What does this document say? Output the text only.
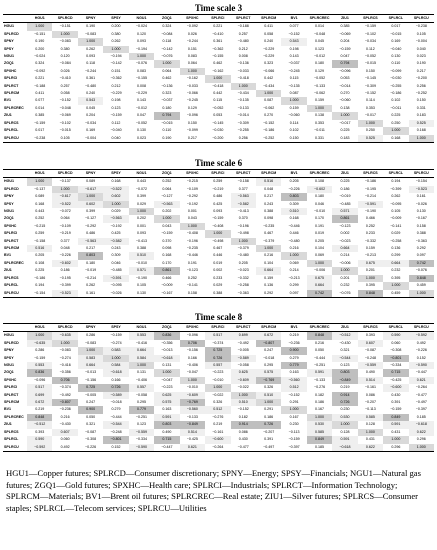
Time scale 3
	HGU1	SPLRCD	SPNY	SPSY	NGU1	ZGQ1	SPXHC	SPLRCI	SPLRCT	SPLRCM	BV1	SPLRCREC	ZIU1	SPLRCS	SPLRCL	SPLRCU
HGU1	1.000	−0.151	0.190	0.200	−0.024	0.324	−0.092	0.221	−0.188	0.411	0.077	0.014	0.385	−0.159	0.017	−0.238
SPLRCD	−0.151	1.000	−0.083	0.380	0.120	−0.084	0.026	−0.410	0.257	0.058	−0.152	−0.048	−0.069	−0.102	−0.015	0.105
SPNY	0.190	−0.083	1.000	0.262	0.093	0.118	−0.244	0.361	−0.480	0.240	0.543	0.045	0.204	−0.034	0.169	−0.004
SPSY	0.200	0.380	0.262	1.000	−0.194	−0.142	0.151	−0.362	0.212	−0.229	0.198	0.123	−0.159	0.112	−0.040	0.040
NGU1	−0.024	0.120	0.093	−0.194	1.000	−0.076	0.083	−0.155	0.008	−0.229	0.143	−0.012	0.047	−0.052	0.130	0.023
ZGQ1	0.324	−0.084	0.118	−0.142	−0.076	1.000	0.064	0.462	−0.136	0.323	−0.037	0.180	0.794	−0.015	0.110	0.190
SPXHC	−0.092	0.026	−0.244	0.151	0.083	0.064	1.000	−0.162	−0.033	−0.066	−0.245	0.129	−0.096	0.150	−0.099	0.217
SPLRCI	0.221	−0.410	0.361	−0.362	−0.155	0.462	−0.162	1.000	−0.418	0.442	0.115	−0.052	0.053	−0.145	−0.030	−0.200
SPLRCT	−0.188	0.257	−0.480	0.212	0.008	−0.136	−0.033	−0.418	1.000	−0.434	−0.135	−0.133	−0.014	−0.309	−0.255	0.256
SPLRCM	0.411	0.058	0.240	−0.229	−0.229	0.323	−0.066	0.442	−0.434	1.000	0.087	−0.062	0.270	−0.152	−0.186	−0.252
BV1	0.077	−0.152	0.543	0.198	0.143	−0.037	−0.245	0.115	−0.135	0.087	1.000	0.159	−0.060	0.114	0.102	0.150
SPLRCREC	0.014	−0.048	0.045	0.123	−0.012	0.180	0.129	−0.052	−0.133	−0.062	0.159	1.000	0.138	0.353	−0.011	0.331
ZIU1	0.385	−0.069	0.204	−0.159	0.047	0.794	−0.096	0.053	−0.014	0.270	−0.060	0.138	1.000	−0.017	0.225	0.183
SPLRCS	−0.159	−0.102	−0.034	0.112	−0.052	−0.015	0.150	−0.145	−0.309	−0.152	0.114	0.353	−0.017	1.000	0.250	0.525
SPLRCL	0.017	−0.015	0.169	−0.040	0.130	0.110	−0.099	−0.030	−0.255	−0.186	0.102	−0.011	0.225	0.250	1.000	0.168
SPLRCU	−0.238	0.105	−0.004	0.040	0.023	0.190	0.217	−0.200	0.256	−0.252	0.150	0.331	0.183	0.525	0.168	1.000
Time scale 6
	HGU1	SPLRCD	SPNY	SPSY	NGU1	ZGQ1	SPXHC	SPLRCI	SPLRCT	SPLRCM	BV1	SPLRCREC	ZIU1	SPLRCS	SPLRCL	SPLRCU
HGU1	1.000	−0.137	0.089	0.168	0.443	0.252	−0.215	0.259	−0.158	0.516	0.205	0.108	0.225	−0.186	0.194	−0.154
SPLRCD	−0.137	1.000	−0.617	−0.522	−0.072	0.064	−0.109	−0.219	0.377	0.048	−0.226	−0.602	0.186	−0.195	−0.399	−0.523
SPNY	0.089	−0.617	1.000	0.602	0.399	−0.127	−0.292	0.486	−0.563	0.217	0.803	0.180	−0.019	−0.214	0.262	0.161
SPSY	0.168	−0.522	0.602	1.000	0.029	−0.563	−0.192	0.425	−0.582	0.243	0.309	0.046	−0.485	−0.591	−0.095	−0.026
NGU1	0.443	−0.072	0.399	0.029	1.000	0.202	0.001	0.093	−0.413	0.388	0.510	−0.010	0.571	−0.190	0.105	0.130
ZGQ1	0.252	0.064	−0.127	−0.563	0.202	1.000	0.043	−0.159	0.370	0.098	0.168	0.170	0.861	0.466	−0.009	−0.167
SPXHC	−0.215	−0.109	−0.292	−0.192	0.001	0.043	1.000	−0.408	−0.196	−0.235	−0.446	0.191	−0.123	0.252	−0.141	0.158
SPLRCI	0.259	−0.219	0.486	0.425	0.093	−0.159	−0.408	1.000	−0.498	0.467	0.446	0.019	0.002	0.233	0.029	0.388
SPLRCT	−0.158	0.377	−0.563	−0.582	−0.413	0.370	−0.196	−0.498	1.000	−0.379	−0.480	0.205	−0.023	−0.332	−0.258	−0.363
SPLRCM	0.516	0.048	0.217	0.243	0.388	0.098	−0.235	0.467	−0.379	1.000	0.216	0.104	0.664	0.159	0.136	0.292
BV1	0.205	−0.226	0.803	0.309	0.510	0.168	−0.446	0.446	−0.480	0.216	1.000	0.069	0.214	−0.213	0.299	0.097
SPLRCREC	0.108	−0.602	0.180	0.046	−0.010	0.170	0.191	0.019	0.205	0.104	0.069	1.000	−0.006	0.675	0.664	0.742
ZIU1	0.225	0.186	−0.019	−0.485	0.571	0.861	−0.123	0.002	−0.023	0.664	0.214	−0.006	1.000	0.201	0.232	−0.076
SPLRCS	−0.186	−0.195	−0.214	−0.591	−0.190	0.466	0.252	0.233	−0.332	0.159	−0.213	0.675	0.201	1.000	0.395	0.848
SPLRCL	0.194	−0.399	0.262	−0.095	0.105	−0.009	−0.141	0.029	−0.258	0.136	0.299	0.664	0.232	0.395	1.000	0.459
SPLRCU	−0.154	−0.523	0.161	−0.026	0.130	−0.167	0.158	0.388	−0.363	0.292	0.097	0.742	−0.076	0.848	0.459	1.000
Time scale 8
	HGU1	SPLRCD	SPNY	SPSY	NGU1	ZGQ1	SPXHC	SPLRCI	SPLRCT	SPLRCM	BV1	SPLRCREC	ZIU1	SPLRCS	SPLRCL	SPLRCU
HGU1	1.000	−0.635	0.286	−0.159	0.553	0.836	−0.096	0.517	0.699	0.672	0.219	0.848	−0.512	0.393	0.590	−0.592
SPLRCD	−0.635	1.000	−0.083	−0.274	−0.416	−0.356	0.706	−0.374	−0.492	−0.807	−0.236	0.216	−0.430	0.607	0.060	0.492
SPNY	0.286	−0.083	1.000	0.583	0.664	−0.013	−0.156	0.725	−0.005	0.247	0.900	0.050	0.321	−0.087	−0.308	−0.226
SPSY	−0.159	−0.274	0.583	1.000	0.584	−0.618	0.166	0.726	−0.589	−0.018	0.279	−0.444	−0.544	−0.248	−0.801	0.152
NGU1	0.553	−0.416	0.664	0.584	1.000	0.131	−0.406	0.557	−0.058	0.295	0.779	−0.251	0.123	−0.559	−0.334	−0.590
ZGQ1	0.836	−0.356	−0.013	−0.618	0.131	1.000	−0.047	−0.223	0.625	0.575	0.163	0.591	0.803	0.490	0.715	−0.447
SPXHC	−0.096	0.706	−0.156	0.166	−0.406	−0.047	1.000	−0.010	−0.609	−0.769	−0.560	−0.133	−0.849	0.514	−0.425	0.621
SPLRCI	0.517	−0.374	0.725	0.726	0.557	−0.223	−0.010	1.000	−0.022	0.326	0.512	−0.276	0.219	−0.161	−0.600	−0.264
SPLRCT	0.699	−0.492	−0.005	−0.589	−0.058	0.625	−0.609	−0.022	1.000	0.510	−0.152	0.182	0.914	0.086	0.430	−0.477
SPLRCM	0.672	−0.807	0.247	−0.018	0.295	0.575	−0.769	0.326	0.510	1.000	0.291	0.186	0.726	−0.207	0.391	−0.497
BV1	0.219	−0.236	0.900	0.279	0.779	0.163	−0.560	0.512	−0.152	0.291	1.000	0.167	0.230	−0.113	−0.159	−0.397
SPLRCREC	0.848	0.216	0.050	−0.444	−0.251	0.591	−0.133	−0.276	0.182	0.186	0.167	1.000	0.530	0.585	0.849	0.185
ZIU1	−0.512	−0.430	0.321	−0.544	0.123	0.803	−0.849	0.219	0.914	0.726	0.230	0.530	1.000	0.128	0.591	−0.618
SPLRCS	0.393	0.607	−0.087	−0.248	−0.559	0.490	0.514	−0.161	0.086	−0.207	−0.113	0.585	0.128	1.000	0.431	0.622
SPLRCL	0.590	0.060	−0.308	−0.801	−0.334	0.715	−0.425	−0.600	0.430	0.391	−0.159	0.849	0.591	0.431	1.000	0.296
SPLRCU	−0.592	0.492	−0.226	0.152	−0.590	−0.447	0.621	−0.264	−0.477	−0.497	−0.397	0.185	−0.618	0.622	0.296	1.000
HGU1—Copper futures; SPLRCD—Consumer discretionary; SPNY—Energy; SPSY—Financials; NGU1—Natural gas futures; ZGQ1—Gold futures; SPXHC—Health care; SPLRCI—Industrials; SPLRCT—Information Technology; SPLRCM—Materials; BV1—Brent oil futures; SPLRCREC—Real estate; ZIU1—Silver futures; SPLRCS—Consumer staples; SPLRCL—Telecom services; SPLRCU—Utilities
